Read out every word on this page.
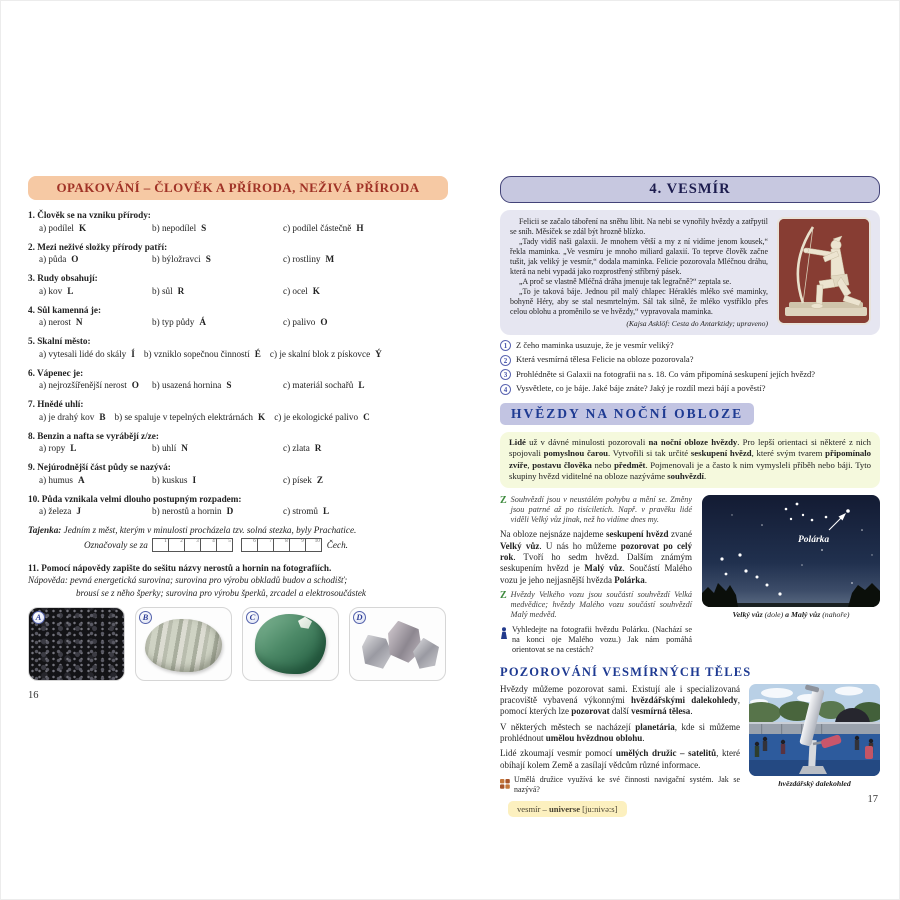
OPAKOVÁNÍ – ČLOVĚK A PŘÍRODA, NEŽIVÁ PŘÍRODA
1. Člověk se na vzniku přírody:
a) podílel K	b) nepodílel S	c) podílel částečně H
2. Mezi neživé složky přírody patří:
a) půda O	b) býložravci S	c) rostliny M
3. Rudy obsahují:
a) kov L	b) sůl R	c) ocel K
4. Sůl kamenná je:
a) nerost N	b) typ půdy Á	c) palivo O
5. Skalní město:
a) vytesali lidé do skály Í b) vzniklo sopečnou činností É c) je skalní blok z pískovce Ý
6. Vápenec je:
a) nejrozšířenější nerost O	b) usazená hornina S	c) materiál sochařů L
7. Hnědé uhlí:
a) je drahý kov B b) se spaluje v tepelných elektrárnách K c) je ekologické palivo C
8. Benzin a nafta se vyrábějí z/ze:
a) ropy L	b) uhlí N	c) zlata R
9. Nejúrodnější část půdy se nazývá:
a) humus A	b) kuskus I	c) písek Z
10. Půda vznikala velmi dlouho postupným rozpadem:
a) železa J	b) nerostů a hornin D	c) stromů L
Tajenka: Jedním z měst, kterým v minulosti procházela tzv. solná stezka, byly Prachatice.
Označovaly se za	1	2	3	4	5	6	7	8	9 10 Čech.
11. Pomocí nápovědy zapište do sešitu názvy nerostů a hornin na fotografiích.
Nápověda: pevná energetická surovina; surovina pro výrobu obkladů budov a schodišť;
brousí se z něho šperky; surovina pro výrobu šperků, zrcadel a elektrosoučástek
A	B	C	D
16
4. VESMÍR

Felicii se začalo táboření na sněhu líbit. Na nebi se vynořily hvězdy a zatřpytil se sníh. Měsíček se zdál být hrozně blízko.

„Tady vidíš naši galaxii. Je mnohem větší a my z ní vidíme jenom kousek,“ řekla maminka. „Ve vesmíru je mnoho miliard galaxií. To teprve člověk začne tušit, jak veliký je vesmír,“ dodala maminka. Felicie pozorovala Mléčnou dráhu, která na nebi vypadá jako rozprostřený stříbrný pásek.

„A proč se vlastně Mléčná dráha jmenuje tak legračně?“ zeptala se.

„To je taková báje. Jednou pil malý chlapec Héraklés mléko své maminky, bohyně Héry, aby se stal nesmrtelným. Sál tak silně, že mléko vystříklo přes celou oblohu a proměnilo se ve hvězdy,“ vypravovala maminka.

(Kajsa Asklöf: Cesta do Antarktidy; upraveno)
1	Z čeho maminka usuzuje, že je vesmír veliký?
2	Která vesmírná tělesa Felicie na obloze pozorovala?
3	Prohlédněte si Galaxii na fotografii na s. 18. Co vám připomíná seskupení jejích hvězd?
4	Vysvětlete, co je báje. Jaké báje znáte? Jaký je rozdíl mezi bájí a pověstí?
HVĚZDY NA NOČNÍ OBLOZE
Lidé už v dávné minulosti pozorovali na noční obloze hvězdy. Pro lepší orientaci si některé z nich spojovali pomyslnou čarou. Vytvořili si tak určité seskupení hvězd, které svým tvarem připomínalo zvíře, postavu člověka nebo předmět. Pojmenovali je a často k nim vymysleli příběh nebo báji. Tyto skupiny hvězd viditelné na obloze nazýváme souhvězdí.
Z Souhvězdí jsou v neustálém pohybu a mění se. Změny jsou patrné až po tisíciletích. Např. v pravěku lidé viděli Velký vůz jinak, než ho vidíme dnes my.
Na obloze nejsnáze najdeme seskupení hvězd zvané Velký vůz. U nás ho můžeme pozorovat po celý rok. Tvoří ho sedm hvězd. Dalším známým seskupením hvězd je Malý vůz. Součástí Malého vozu je jeho nejjasnější hvězda Polárka.
Z Hvězdy Velkého vozu jsou součástí souhvězdí Velká medvědice; hvězdy Malého vozu součástí souhvězdí Malý medvěd.
Vyhledejte na fotografii hvězdu Polárku. (Nachází se na konci oje Malého vozu.) Jak nám pomáhá orientovat se na cestách?
Polárka
Velký vůz (dole) a Malý vůz (nahoře)
POZOROVÁNÍ VESMÍRNÝCH TĚLES
Hvězdy můžeme pozorovat sami. Existují ale i specializovaná pracoviště vybavená výkonnými hvězdářskými dalekohledy, pomocí kterých lze pozorovat další vesmírná tělesa.
V některých městech se nacházejí planetária, kde si můžeme prohlédnout umělou hvězdnou oblohu.
Lidé zkoumají vesmír pomocí umělých družic – satelitů, které obíhají kolem Země a zasílají vědcům různé informace.
Umělá družice využívá ke své činnosti navigační systém. Jak se nazývá?
vesmír – universe [ju:nivə:s]
hvězdářský dalekohled
17
